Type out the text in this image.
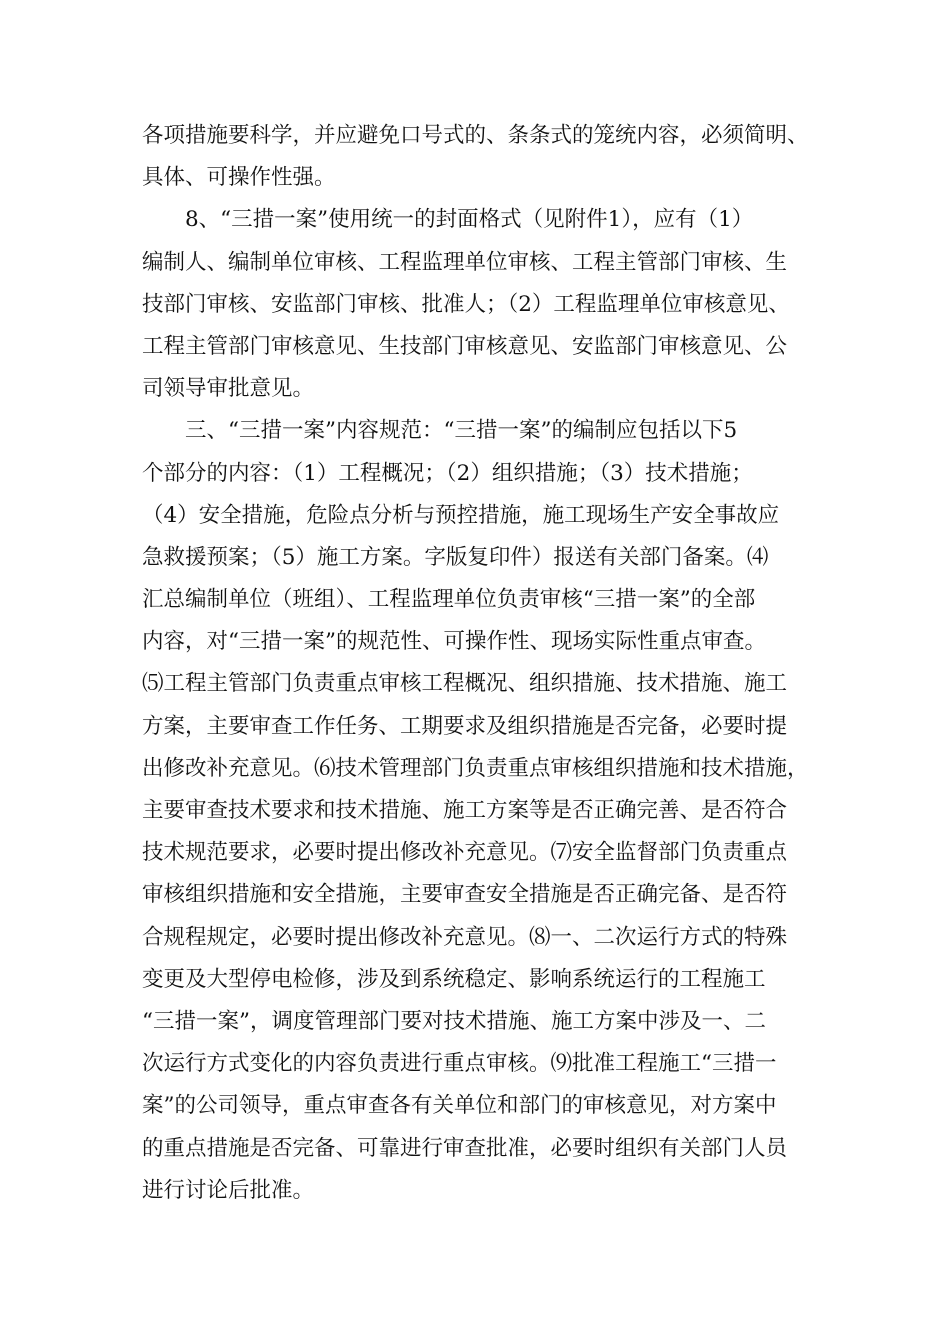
各项措施要科学，并应避免口号式的、条条式的笼统内容，必须简明、
具体、可操作性强。
8、“三措一案”使用统一的封面格式（见附件1），应有（1）
编制人、编制单位审核、工程监理单位审核、工程主管部门审核、生
技部门审核、安监部门审核、批准人；（2）工程监理单位审核意见、
工程主管部门审核意见、生技部门审核意见、安监部门审核意见、公
司领导审批意见。
三、“三措一案”内容规范：“三措一案”的编制应包括以下5
个部分的内容：（1）工程概况；（2）组织措施；（3）技术措施；
（4）安全措施，危险点分析与预控措施，施工现场生产安全事故应
急救援预案；（5）施工方案。字版复印件）报送有关部门备案。⑷
汇总编制单位（班组）、工程监理单位负责审核“三措一案”的全部
内容，对“三措一案”的规范性、可操作性、现场实际性重点审查。
⑸工程主管部门负责重点审核工程概况、组织措施、技术措施、施工
方案，主要审查工作任务、工期要求及组织措施是否完备，必要时提
出修改补充意见。⑹技术管理部门负责重点审核组织措施和技术措施，
主要审查技术要求和技术措施、施工方案等是否正确完善、是否符合
技术规范要求，必要时提出修改补充意见。⑺安全监督部门负责重点
审核组织措施和安全措施，主要审查安全措施是否正确完备、是否符
合规程规定，必要时提出修改补充意见。⑻一、二次运行方式的特殊
变更及大型停电检修，涉及到系统稳定、影响系统运行的工程施工
“三措一案”，调度管理部门要对技术措施、施工方案中涉及一、二
次运行方式变化的内容负责进行重点审核。⑼批准工程施工“三措一
案”的公司领导，重点审查各有关单位和部门的审核意见，对方案中
的重点措施是否完备、可靠进行审查批准，必要时组织有关部门人员
进行讨论后批准。
